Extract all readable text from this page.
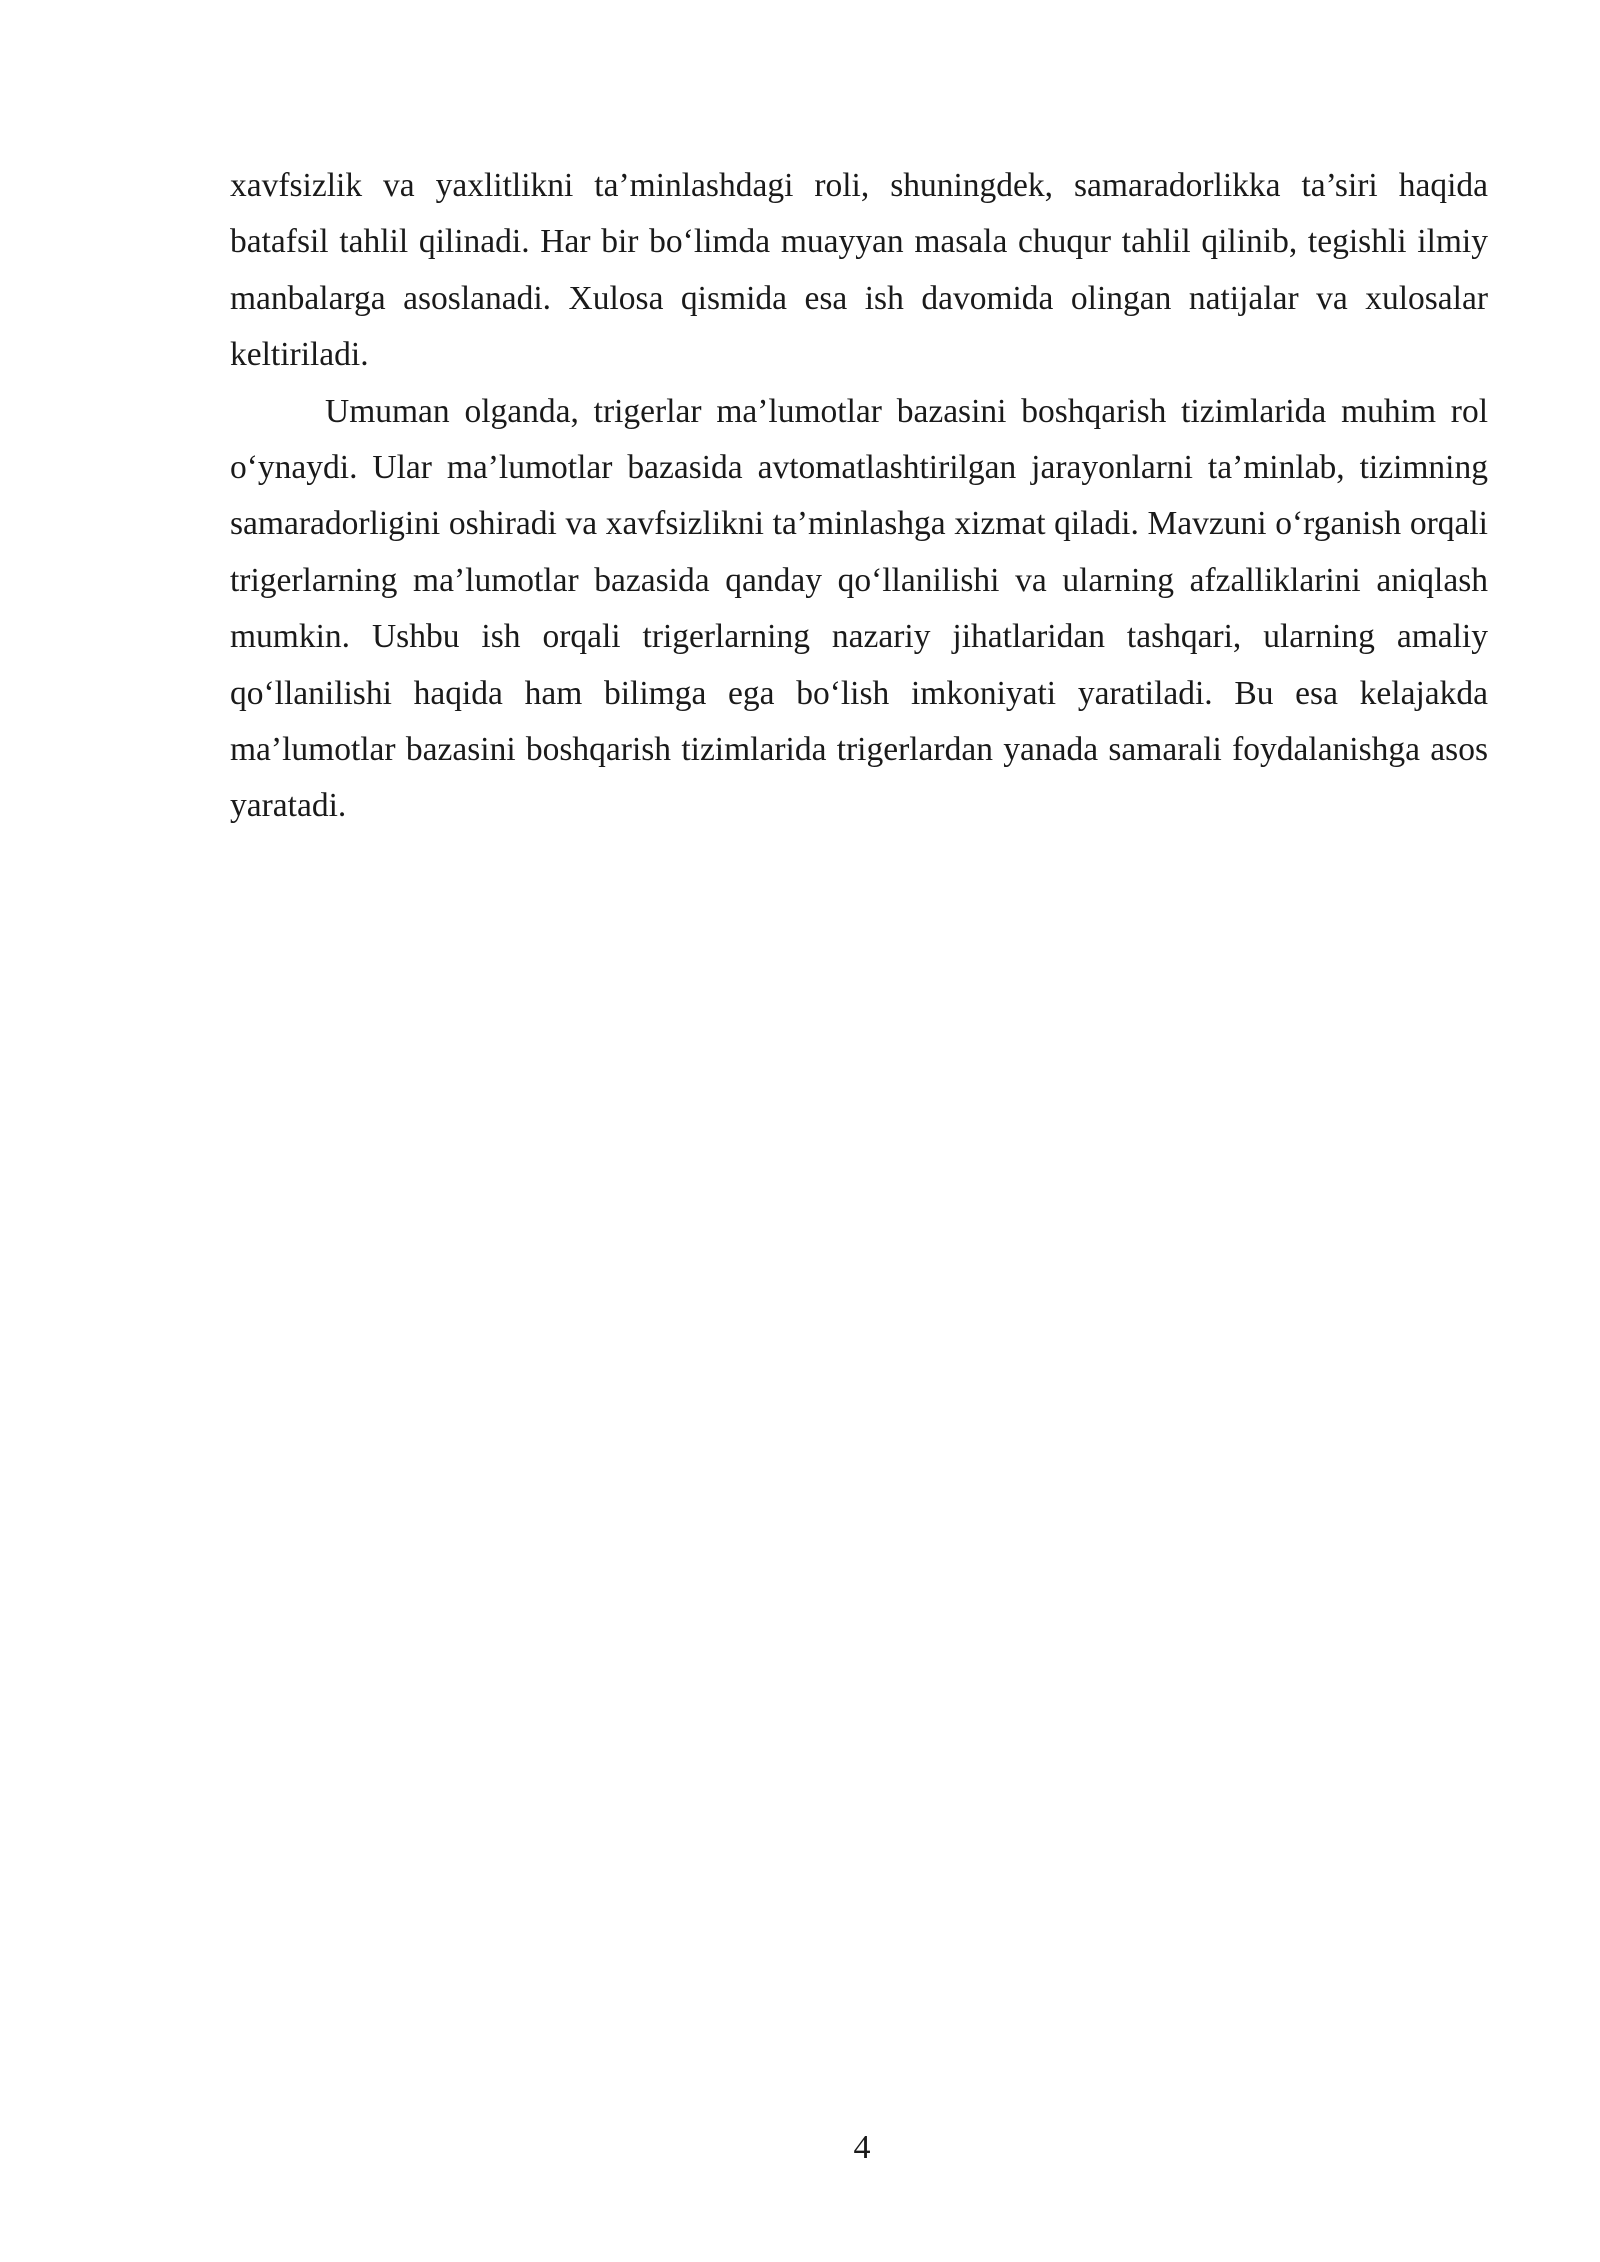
xavfsizlik va yaxlitlikni ta’minlashdagi roli, shuningdek, samaradorlikka ta’siri haqida batafsil tahlil qilinadi. Har bir bo‘limda muayyan masala chuqur tahlil qilinib, tegishli ilmiy manbalarga asoslanadi. Xulosa qismida esa ish davomida olingan natijalar va xulosalar keltiriladi.

Umuman olganda, trigerlar ma’lumotlar bazasini boshqarish tizimlarida muhim rol o‘ynaydi. Ular ma’lumotlar bazasida avtomatlashtirilgan jarayonlarni ta’minlab, tizimning samaradorligini oshiradi va xavfsizlikni ta’minlashga xizmat qiladi. Mavzuni o‘rganish orqali trigerlarning ma’lumotlar bazasida qanday qo‘llanilishi va ularning afzalliklarini aniqlash mumkin. Ushbu ish orqali trigerlarning nazariy jihatlaridan tashqari, ularning amaliy qo‘llanilishi haqida ham bilimga ega bo‘lish imkoniyati yaratiladi. Bu esa kelajakda ma’lumotlar bazasini boshqarish tizimlarida trigerlardan yanada samarali foydalanishga asos yaratadi.

4
